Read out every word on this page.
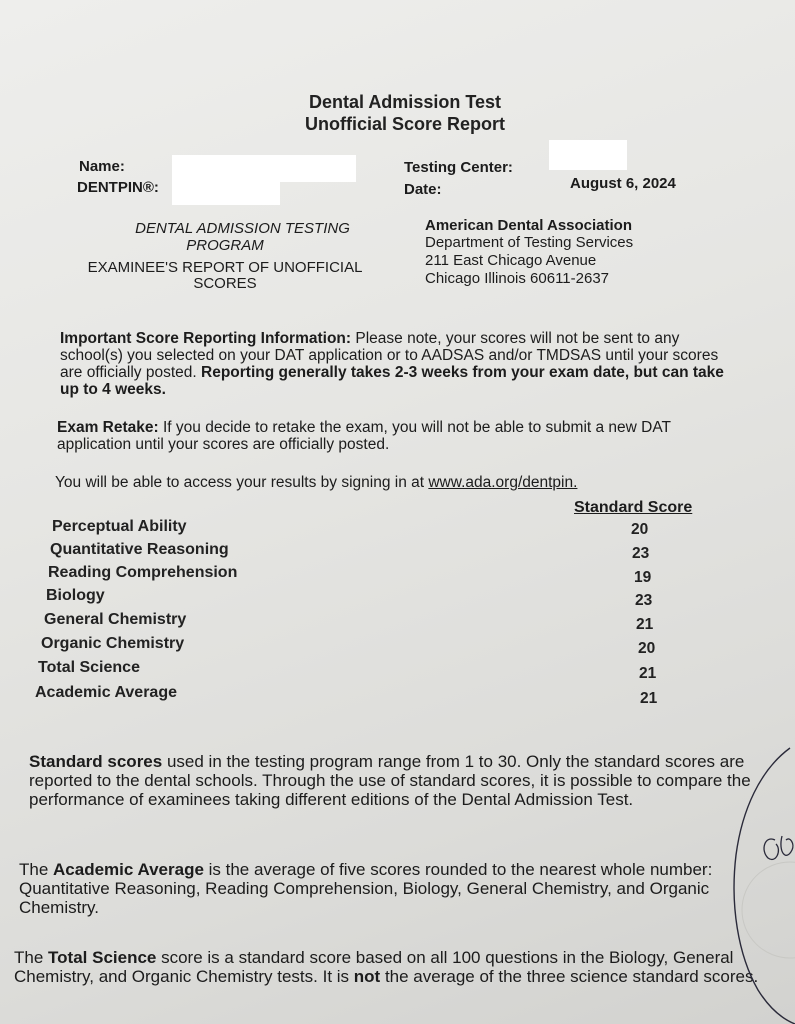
Dental Admission Test
Unofficial Score Report
Name:
DENTPIN®:
Testing Center:
Date:	August 6, 2024
DENTAL ADMISSION TESTING
PROGRAM
EXAMINEE'S REPORT OF UNOFFICIAL
SCORES
American Dental Association
Department of Testing Services
211 East Chicago Avenue
Chicago Illinois 60611-2637
Important Score Reporting Information: Please note, your scores will not be sent to any school(s) you selected on your DAT application or to AADSAS and/or TMDSAS until your scores are officially posted. Reporting generally takes 2-3 weeks from your exam date, but can take up to 4 weeks.
Exam Retake: If you decide to retake the exam, you will not be able to submit a new DAT application until your scores are officially posted.
You will be able to access your results by signing in at www.ada.org/dentpin.
Standard Score
Perceptual Ability
Quantitative Reasoning
Reading Comprehension
Biology
General Chemistry
Organic Chemistry
Total Science
Academic Average
20
23
19
23
21
20
21
21
Standard scores used in the testing program range from 1 to 30. Only the standard scores are reported to the dental schools. Through the use of standard scores, it is possible to compare the performance of examinees taking different editions of the Dental Admission Test.
The Academic Average is the average of five scores rounded to the nearest whole number: Quantitative Reasoning, Reading Comprehension, Biology, General Chemistry, and Organic Chemistry.
The Total Science score is a standard score based on all 100 questions in the Biology, General Chemistry, and Organic Chemistry tests. It is not the average of the three science standard scores.
